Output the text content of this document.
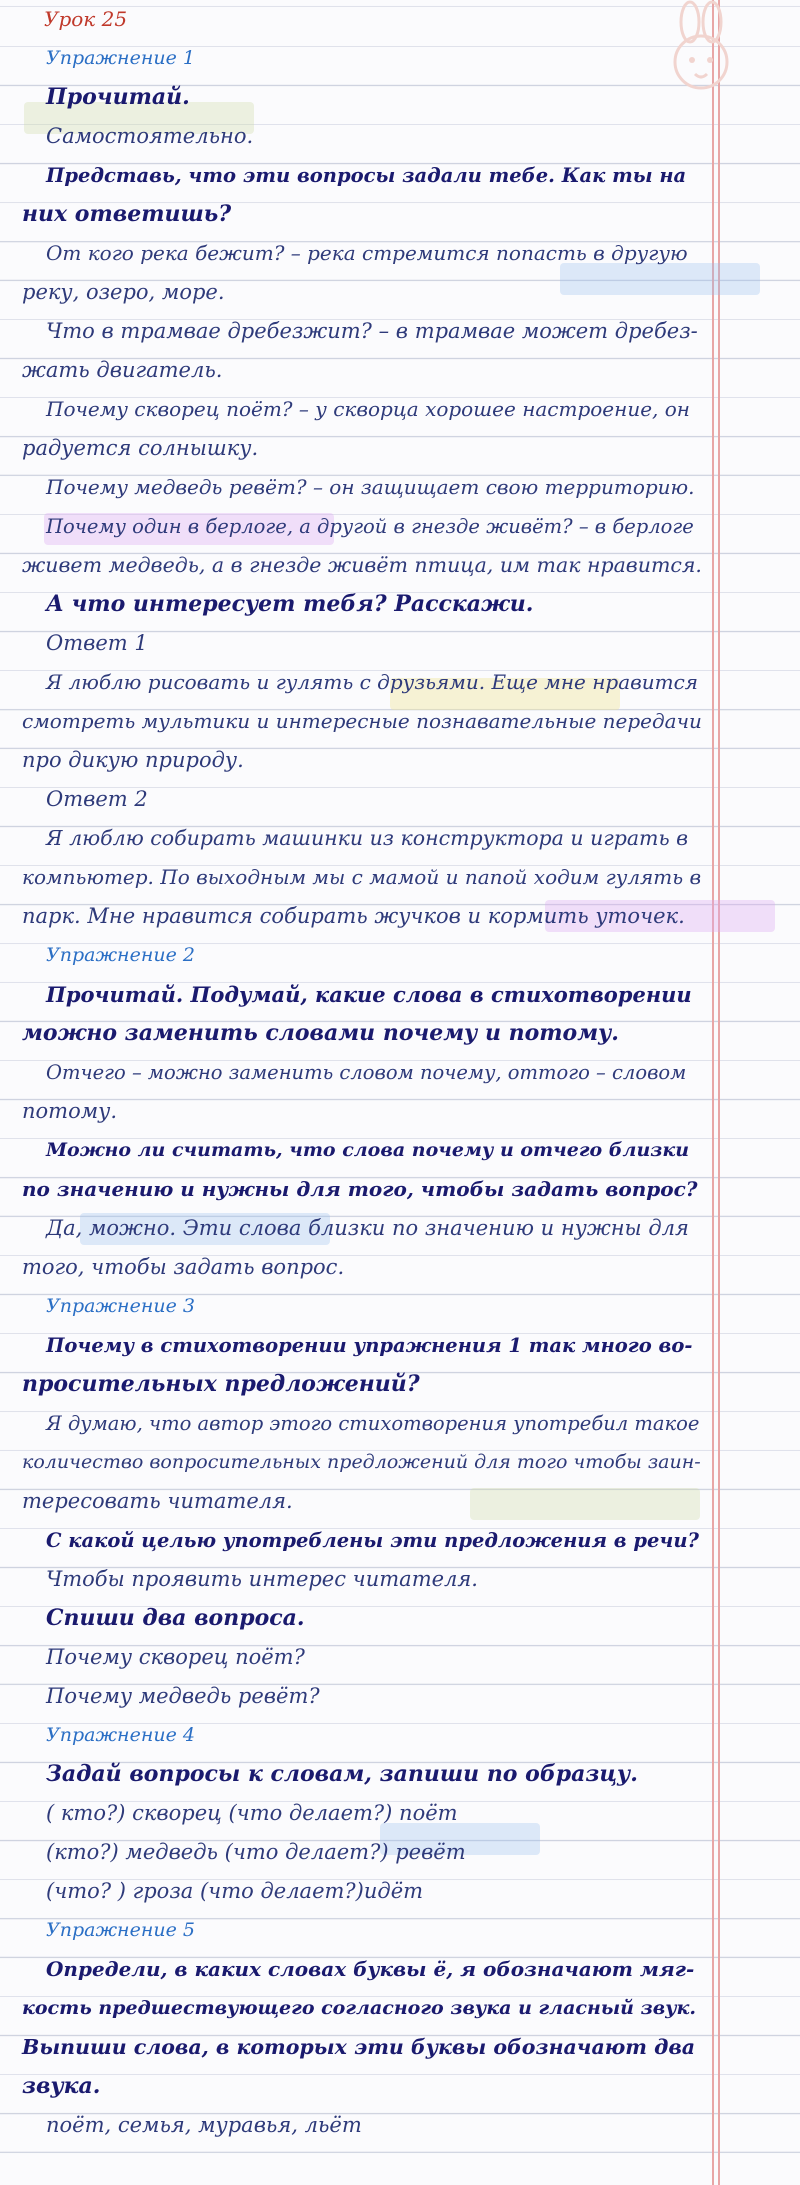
Урок 25
Упражнение 1
Прочитай.
Самостоятельно.
Представь, что эти вопросы задали тебе. Как ты на
них ответишь?
От кого река бежит? – река стремится попасть в другую
реку, озеро, море.
Что в трамвае дребезжит? – в трамвае может дребез-
жать двигатель.
Почему скворец поёт? – у скворца хорошее настроение, он
радуется солнышку.
Почему медведь ревёт? – он защищает свою территорию.
Почему один в берлоге, а другой в гнезде живёт? – в берлоге
живет медведь, а в гнезде живёт птица, им так нравится.
А что интересует тебя? Расскажи.
Ответ 1
Я люблю рисовать и гулять с друзьями. Еще мне нравится
смотреть мультики и интересные познавательные передачи
про дикую природу.
Ответ 2
Я люблю собирать машинки из конструктора и играть в
компьютер. По выходным мы с мамой и папой ходим гулять в
парк. Мне нравится собирать жучков и кормить уточек.
Упражнение 2
Прочитай. Подумай, какие слова в стихотворении
можно заменить словами почему и потому.
Отчего – можно заменить словом почему, оттого – словом
потому.
Можно ли считать, что слова почему и отчего близки
по значению и нужны для того, чтобы задать вопрос?
Да, можно. Эти слова близки по значению и нужны для
того, чтобы задать вопрос.
Упражнение 3
Почему в стихотворении упражнения 1 так много во-
просительных предложений?
Я думаю, что автор этого стихотворения употребил такое
количество вопросительных предложений для того чтобы заин-
тересовать читателя.
С какой целью употреблены эти предложения в речи?
Чтобы проявить интерес читателя.
Спиши два вопроса.
Почему скворец поёт?
Почему медведь ревёт?
Упражнение 4
Задай вопросы к словам, запиши по образцу.
( кто?) скворец (что делает?) поёт
(кто?) медведь (что делает?) ревёт
(что? ) гроза (что делает?)идёт
Упражнение 5
Определи, в каких словах буквы ё, я обозначают мяг-
кость предшествующего согласного звука и гласный звук.
Выпиши слова, в которых эти буквы обозначают два
звука.
поёт, семья, муравья, льёт
